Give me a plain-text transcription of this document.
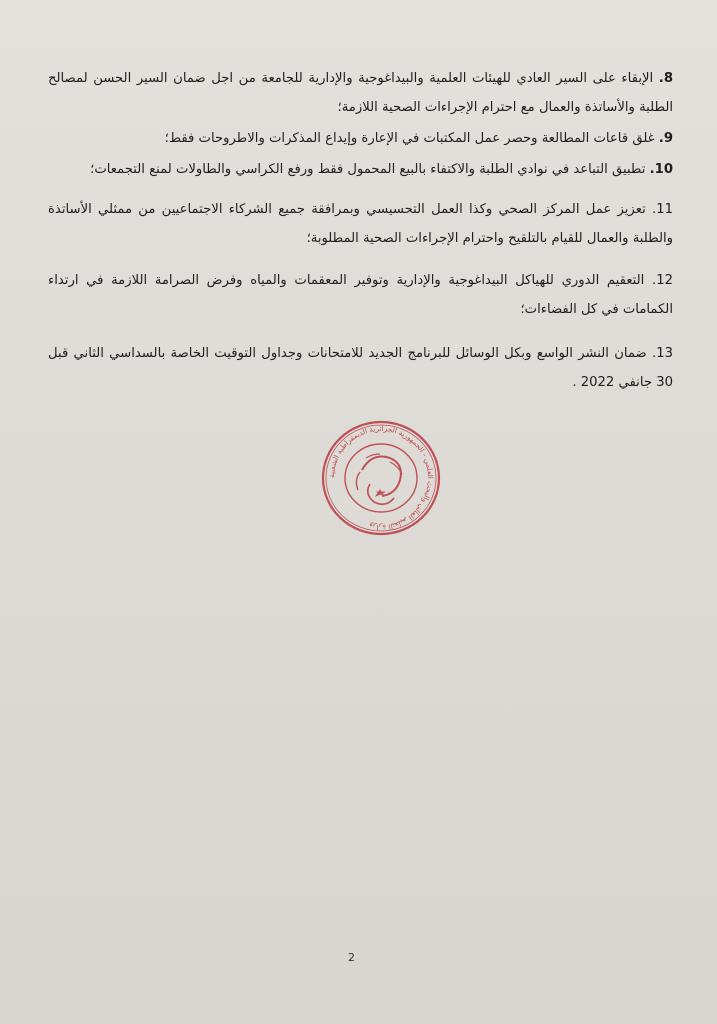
8. الإبقاء على السير العادي للهيئات العلمية والبيداغوجية والإدارية للجامعة من اجل ضمان السير الحسن لمصالح الطلبة والأساتذة والعمال مع احترام الإجراءات الصحية اللازمة؛

9. غلق قاعات المطالعة وحصر عمل المكتبات في الإعارة وإيداع المذكرات والاطروحات فقط؛

10. تطبيق التباعد في نوادي الطلبة والاكتفاء بالبيع المحمول فقط ورفع الكراسي والطاولات لمنع التجمعات؛

11. تعزيز عمل المركز الصحي وكذا العمل التحسيسي وبمرافقة جميع الشركاء الاجتماعيين من ممثلي الأساتذة والطلبة والعمال للقيام بالتلقيح واحترام الإجراءات الصحية المطلوبة؛

12. التعقيم الدوري للهياكل البيداغوجية والإدارية وتوفير المعقمات والمياه وفرض الصرامة اللازمة في ارتداء الكمامات في كل الفضاءات؛

13. ضمان النشر الواسع وبكل الوسائل للبرنامج الجديد للامتحانات وجداول التوقيت الخاصة بالسداسي الثاني قبل 30 جانفي 2022 .

وزارة التعليم العالي والبحث العلمي - الجمهورية الجزائرية الديمقراطية الشعبية
2
